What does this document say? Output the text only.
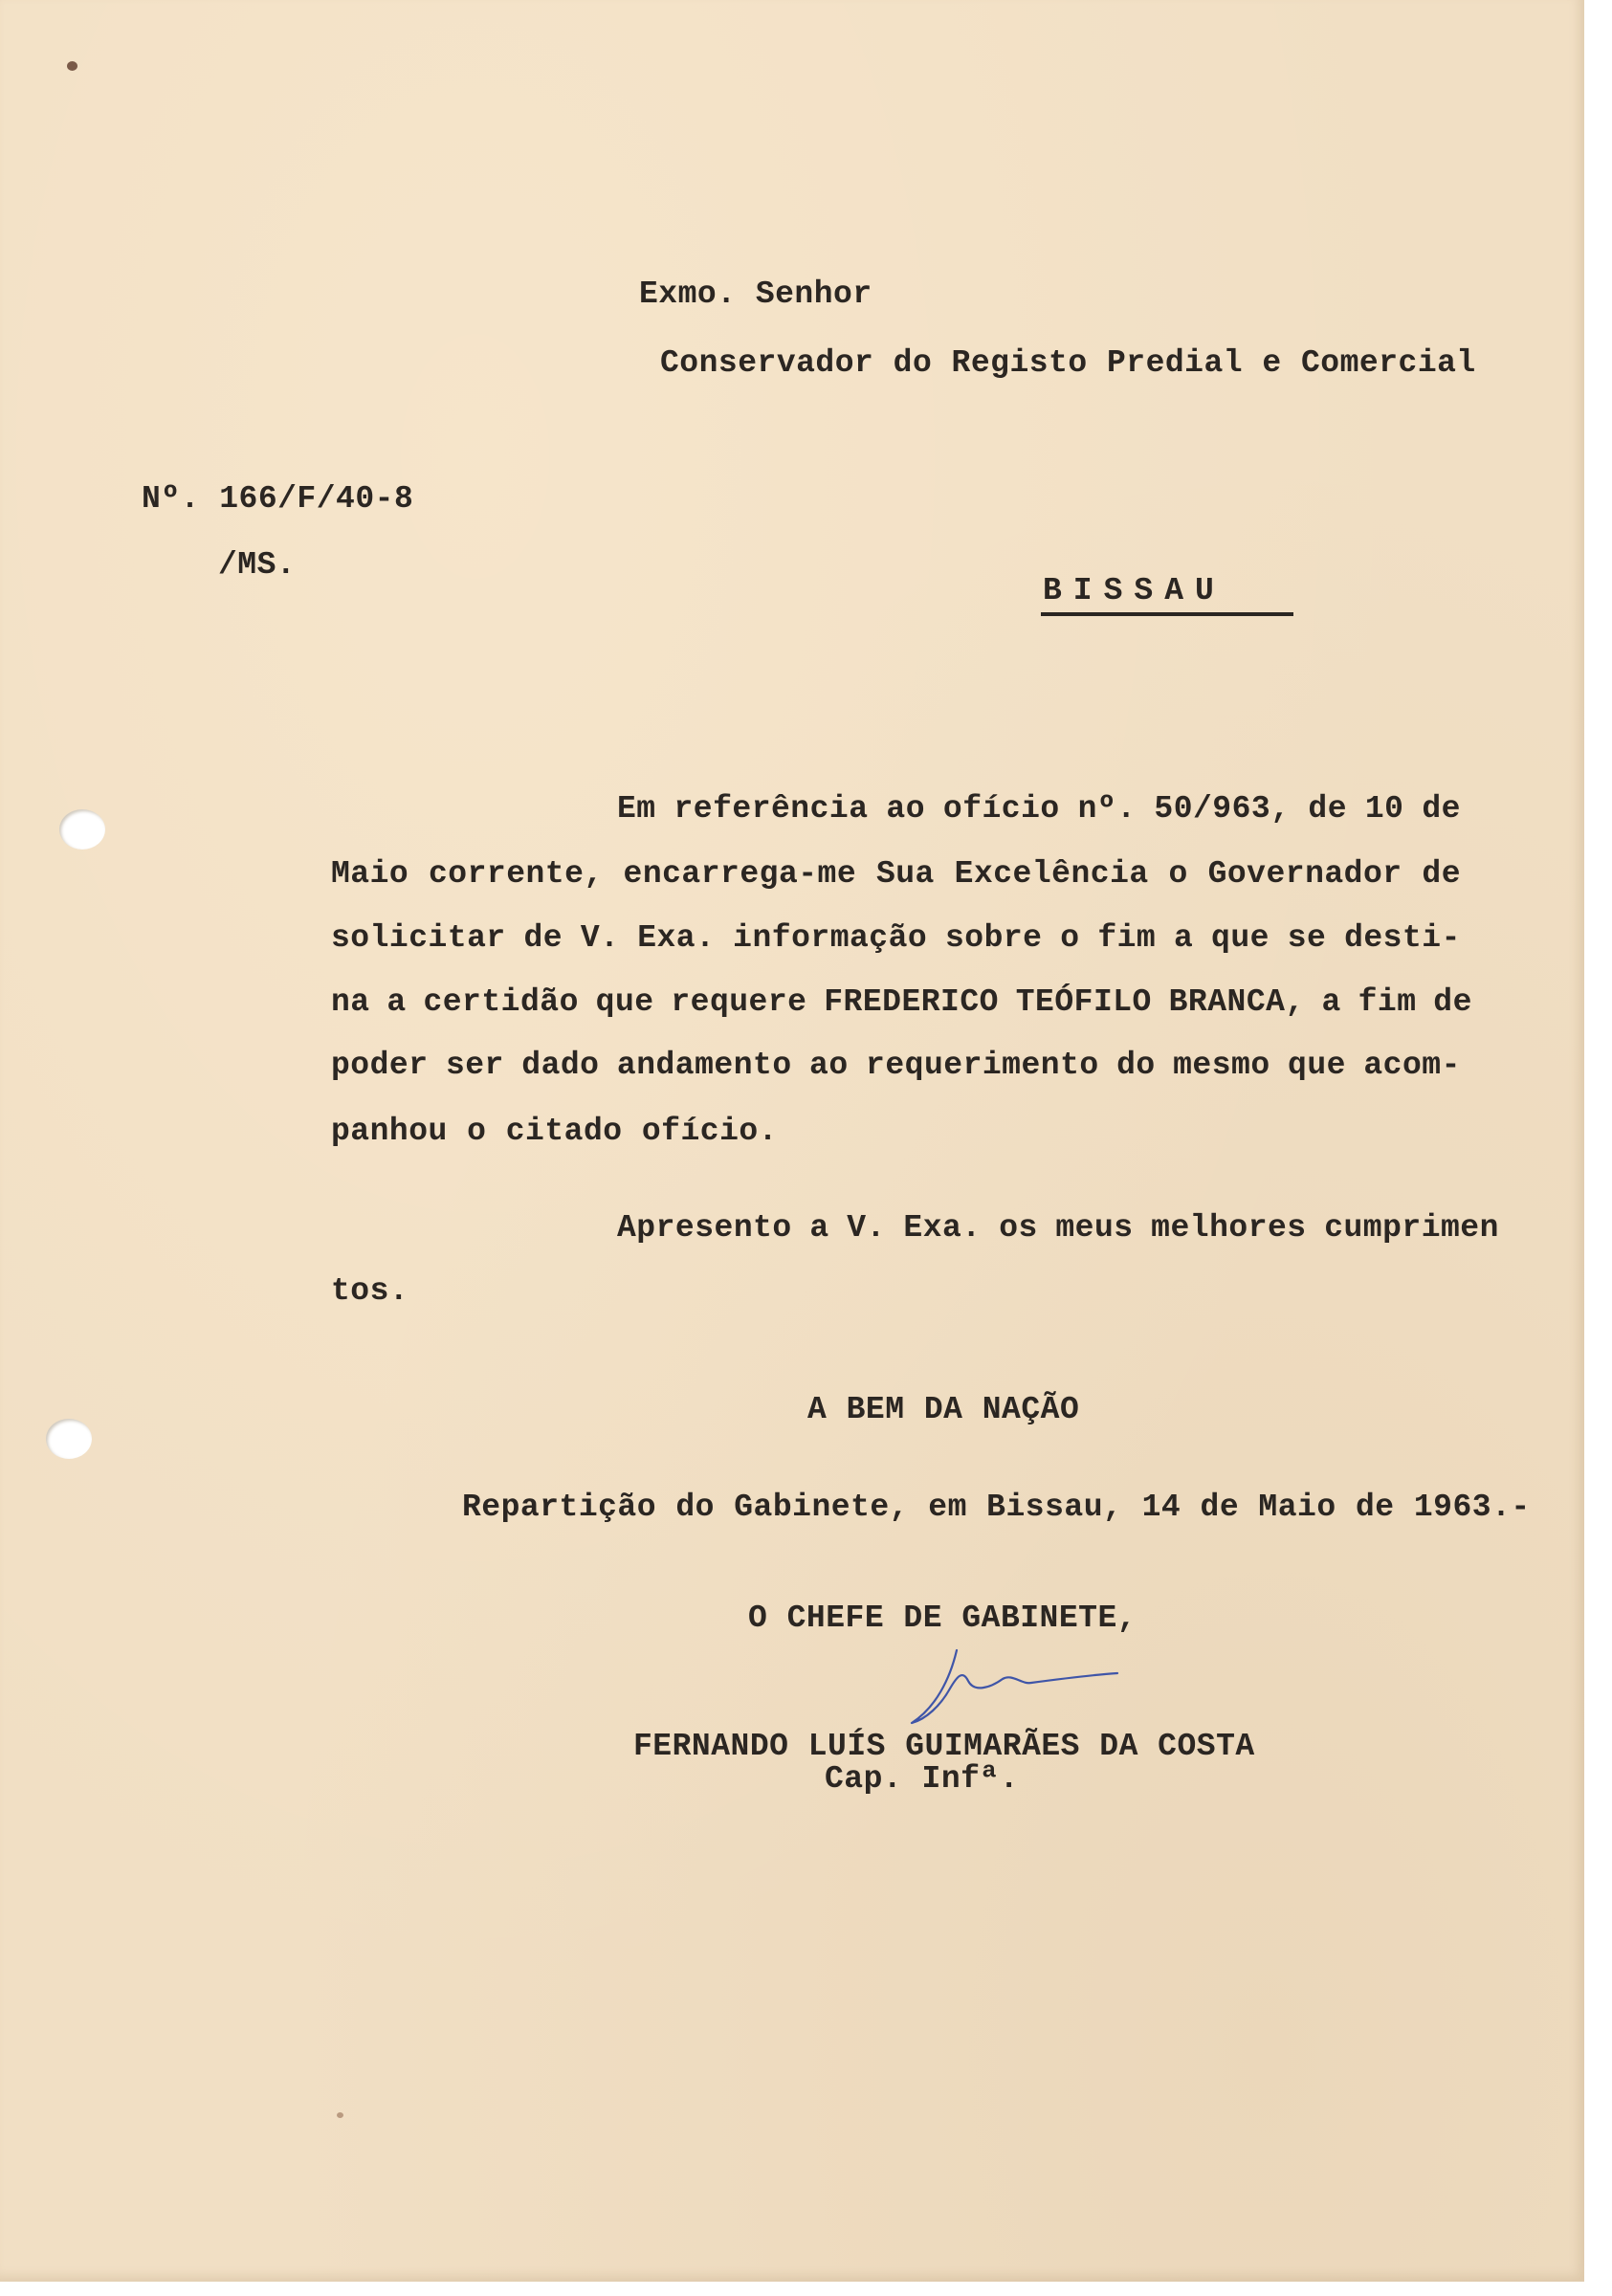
Exmo. Senhor

Conservador do Registo Predial e Comercial

Nº. 166/F/40-8

/MS.

BISSAU
Em referência ao ofício nº. 50/963, de 10 de
Maio corrente, encarrega-me Sua Excelência o Governador de
solicitar de V. Exa. informação sobre o fim a que se desti-
na a certidão que requere FREDERICO TEÓFILO BRANCA, a fim de
poder ser dado andamento ao requerimento do mesmo que acom-
panhou o citado ofício.
Apresento a V. Exa. os meus melhores cumprimen
tos.

A BEM DA NAÇÃO

Repartição do Gabinete, em Bissau, 14 de Maio de 1963.-

O CHEFE DE GABINETE,

FERNANDO LUÍS GUIMARÃES DA COSTA

Cap. Infª.
